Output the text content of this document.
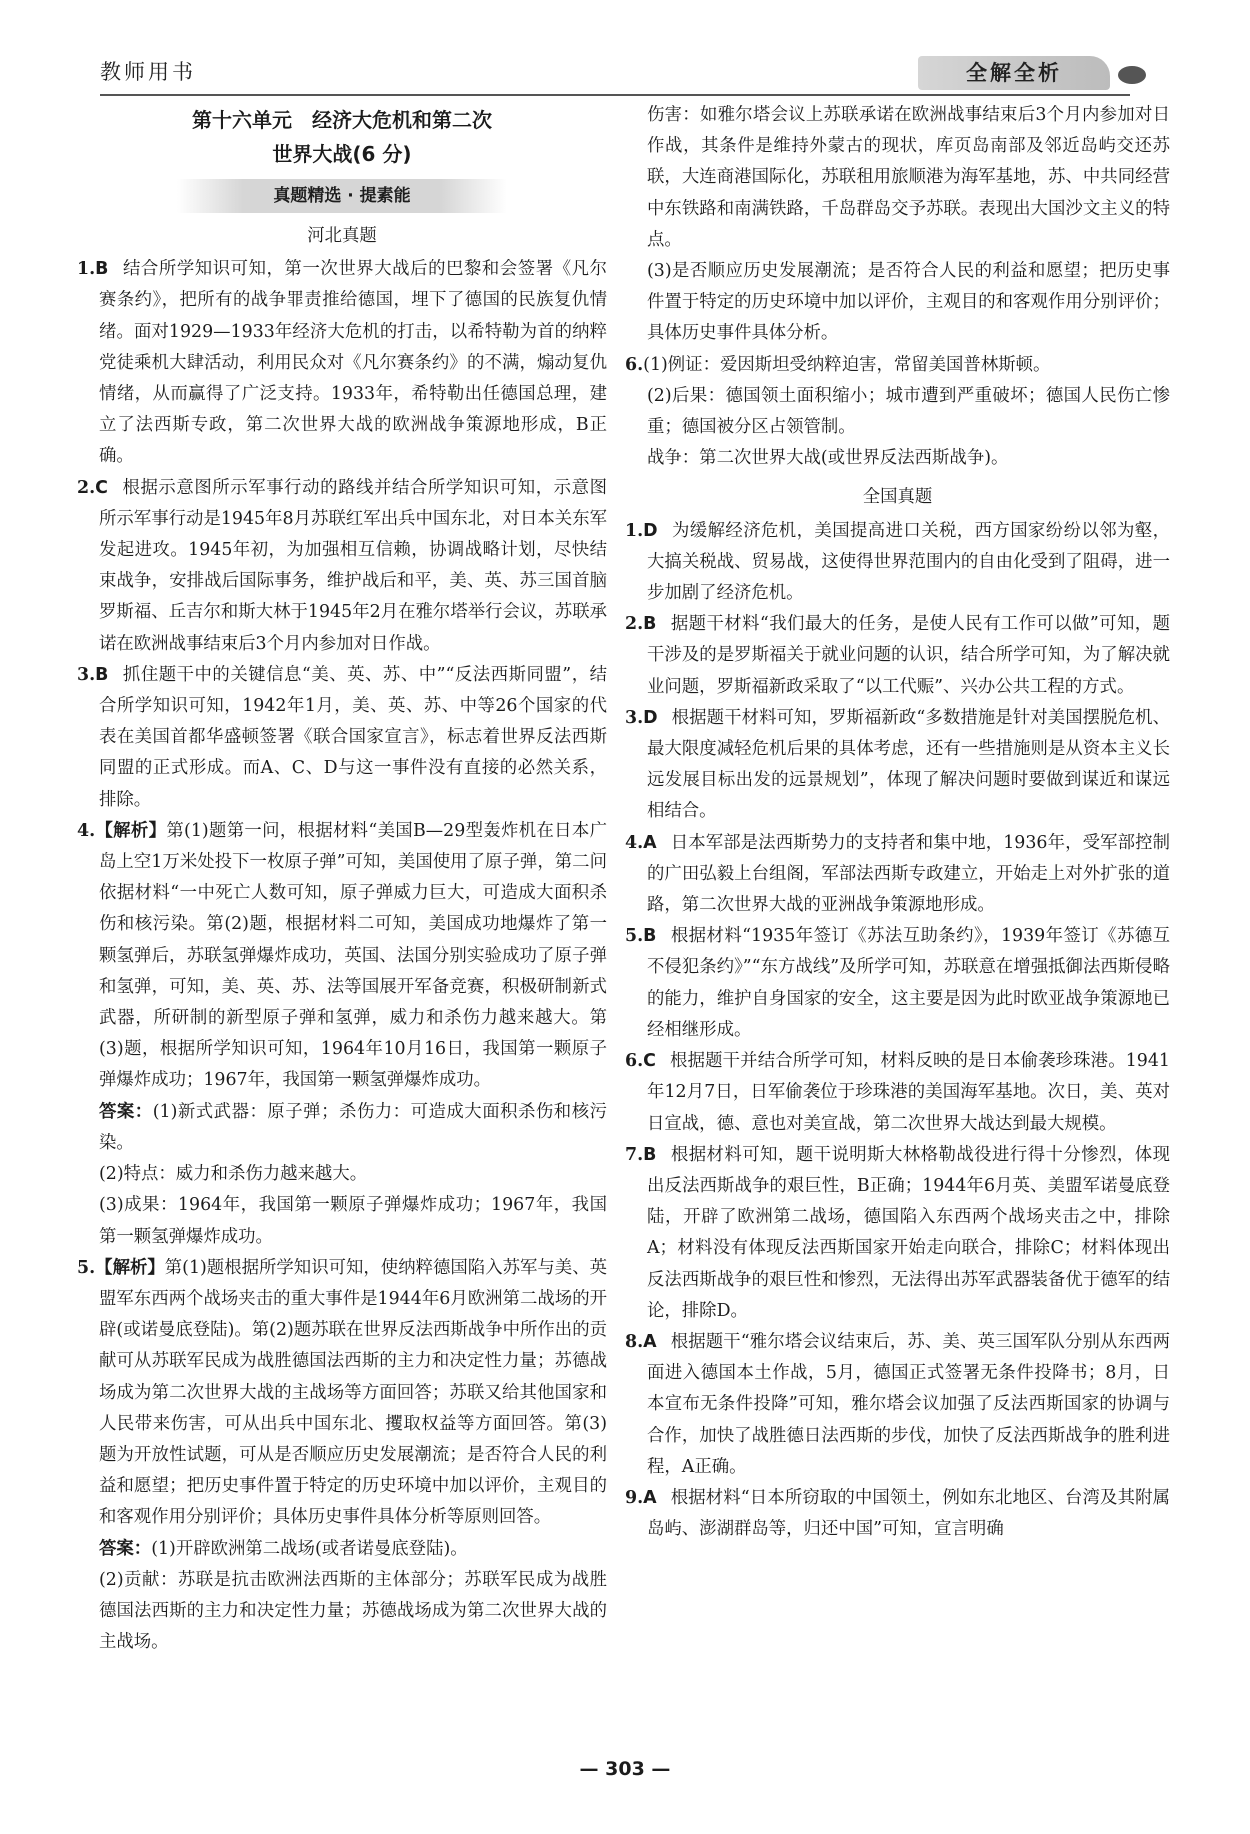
教师用书	全解全析
第十六单元　经济大危机和第二次
世界大战(6 分)
真题精选 · 提素能
河北真题

1.B 结合所学知识可知，第一次世界大战后的巴黎和会签署《凡尔赛条约》，把所有的战争罪责推给德国，埋下了德国的民族复仇情绪。面对1929—1933年经济大危机的打击，以希特勒为首的纳粹党徒乘机大肆活动，利用民众对《凡尔赛条约》的不满，煽动复仇情绪，从而赢得了广泛支持。1933年，希特勒出任德国总理，建立了法西斯专政，第二次世界大战的欧洲战争策源地形成，B正确。

2.C 根据示意图所示军事行动的路线并结合所学知识可知，示意图所示军事行动是1945年8月苏联红军出兵中国东北，对日本关东军发起进攻。1945年初，为加强相互信赖，协调战略计划，尽快结束战争，安排战后国际事务，维护战后和平，美、英、苏三国首脑罗斯福、丘吉尔和斯大林于1945年2月在雅尔塔举行会议，苏联承诺在欧洲战事结束后3个月内参加对日作战。

3.B 抓住题干中的关键信息“美、英、苏、中”“反法西斯同盟”，结合所学知识可知，1942年1月，美、英、苏、中等26个国家的代表在美国首都华盛顿签署《联合国家宣言》，标志着世界反法西斯同盟的正式形成。而A、C、D与这一事件没有直接的必然关系，排除。

4.【解析】第(1)题第一问，根据材料“美国B—29型轰炸机在日本广岛上空1万米处投下一枚原子弹”可知，美国使用了原子弹，第二问依据材料“一中死亡人数可知，原子弹威力巨大，可造成大面积杀伤和核污染。第(2)题，根据材料二可知，美国成功地爆炸了第一颗氢弹后，苏联氢弹爆炸成功，英国、法国分别实验成功了原子弹和氢弹，可知，美、英、苏、法等国展开军备竞赛，积极研制新式武器，所研制的新型原子弹和氢弹，威力和杀伤力越来越大。第(3)题，根据所学知识可知，1964年10月16日，我国第一颗原子弹爆炸成功；1967年，我国第一颗氢弹爆炸成功。

答案：(1)新式武器：原子弹；杀伤力：可造成大面积杀伤和核污染。

(2)特点：威力和杀伤力越来越大。

(3)成果：1964年，我国第一颗原子弹爆炸成功；1967年，我国第一颗氢弹爆炸成功。

5.【解析】第(1)题根据所学知识可知，使纳粹德国陷入苏军与美、英盟军东西两个战场夹击的重大事件是1944年6月欧洲第二战场的开辟(或诺曼底登陆)。第(2)题苏联在世界反法西斯战争中所作出的贡献可从苏联军民成为战胜德国法西斯的主力和决定性力量；苏德战场成为第二次世界大战的主战场等方面回答；苏联又给其他国家和人民带来伤害，可从出兵中国东北、攫取权益等方面回答。第(3)题为开放性试题，可从是否顺应历史发展潮流；是否符合人民的利益和愿望；把历史事件置于特定的历史环境中加以评价，主观目的和客观作用分别评价；具体历史事件具体分析等原则回答。

答案：(1)开辟欧洲第二战场(或者诺曼底登陆)。

(2)贡献：苏联是抗击欧洲法西斯的主体部分；苏联军民成为战胜德国法西斯的主力和决定性力量；苏德战场成为第二次世界大战的主战场。

伤害：如雅尔塔会议上苏联承诺在欧洲战事结束后3个月内参加对日作战，其条件是维持外蒙古的现状，库页岛南部及邻近岛屿交还苏联，大连商港国际化，苏联租用旅顺港为海军基地，苏、中共同经营中东铁路和南满铁路，千岛群岛交予苏联。表现出大国沙文主义的特点。

(3)是否顺应历史发展潮流；是否符合人民的利益和愿望；把历史事件置于特定的历史环境中加以评价，主观目的和客观作用分别评价；具体历史事件具体分析。

6.(1)例证：爱因斯坦受纳粹迫害，常留美国普林斯顿。

(2)后果：德国领土面积缩小；城市遭到严重破坏；德国人民伤亡惨重；德国被分区占领管制。

战争：第二次世界大战(或世界反法西斯战争)。

全国真题

1.D 为缓解经济危机，美国提高进口关税，西方国家纷纷以邻为壑，大搞关税战、贸易战，这使得世界范围内的自由化受到了阻碍，进一步加剧了经济危机。

2.B 据题干材料“我们最大的任务，是使人民有工作可以做”可知，题干涉及的是罗斯福关于就业问题的认识，结合所学可知，为了解决就业问题，罗斯福新政采取了“以工代赈”、兴办公共工程的方式。

3.D 根据题干材料可知，罗斯福新政“多数措施是针对美国摆脱危机、最大限度减轻危机后果的具体考虑，还有一些措施则是从资本主义长远发展目标出发的远景规划”，体现了解决问题时要做到谋近和谋远相结合。

4.A 日本军部是法西斯势力的支持者和集中地，1936年，受军部控制的广田弘毅上台组阁，军部法西斯专政建立，开始走上对外扩张的道路，第二次世界大战的亚洲战争策源地形成。

5.B 根据材料“1935年签订《苏法互助条约》，1939年签订《苏德互不侵犯条约》”“东方战线”及所学可知，苏联意在增强抵御法西斯侵略的能力，维护自身国家的安全，这主要是因为此时欧亚战争策源地已经相继形成。

6.C 根据题干并结合所学可知，材料反映的是日本偷袭珍珠港。1941年12月7日，日军偷袭位于珍珠港的美国海军基地。次日，美、英对日宣战，德、意也对美宣战，第二次世界大战达到最大规模。

7.B 根据材料可知，题干说明斯大林格勒战役进行得十分惨烈，体现出反法西斯战争的艰巨性，B正确；1944年6月英、美盟军诺曼底登陆，开辟了欧洲第二战场，德国陷入东西两个战场夹击之中，排除A；材料没有体现反法西斯国家开始走向联合，排除C；材料体现出反法西斯战争的艰巨性和惨烈，无法得出苏军武器装备优于德军的结论，排除D。

8.A 根据题干“雅尔塔会议结束后，苏、美、英三国军队分别从东西两面进入德国本土作战，5月，德国正式签署无条件投降书；8月，日本宣布无条件投降”可知，雅尔塔会议加强了反法西斯国家的协调与合作，加快了战胜德日法西斯的步伐，加快了反法西斯战争的胜利进程，A正确。

9.A 根据材料“日本所窃取的中国领土，例如东北地区、台湾及其附属岛屿、澎湖群岛等，归还中国”可知，宣言明确

— 303 —
